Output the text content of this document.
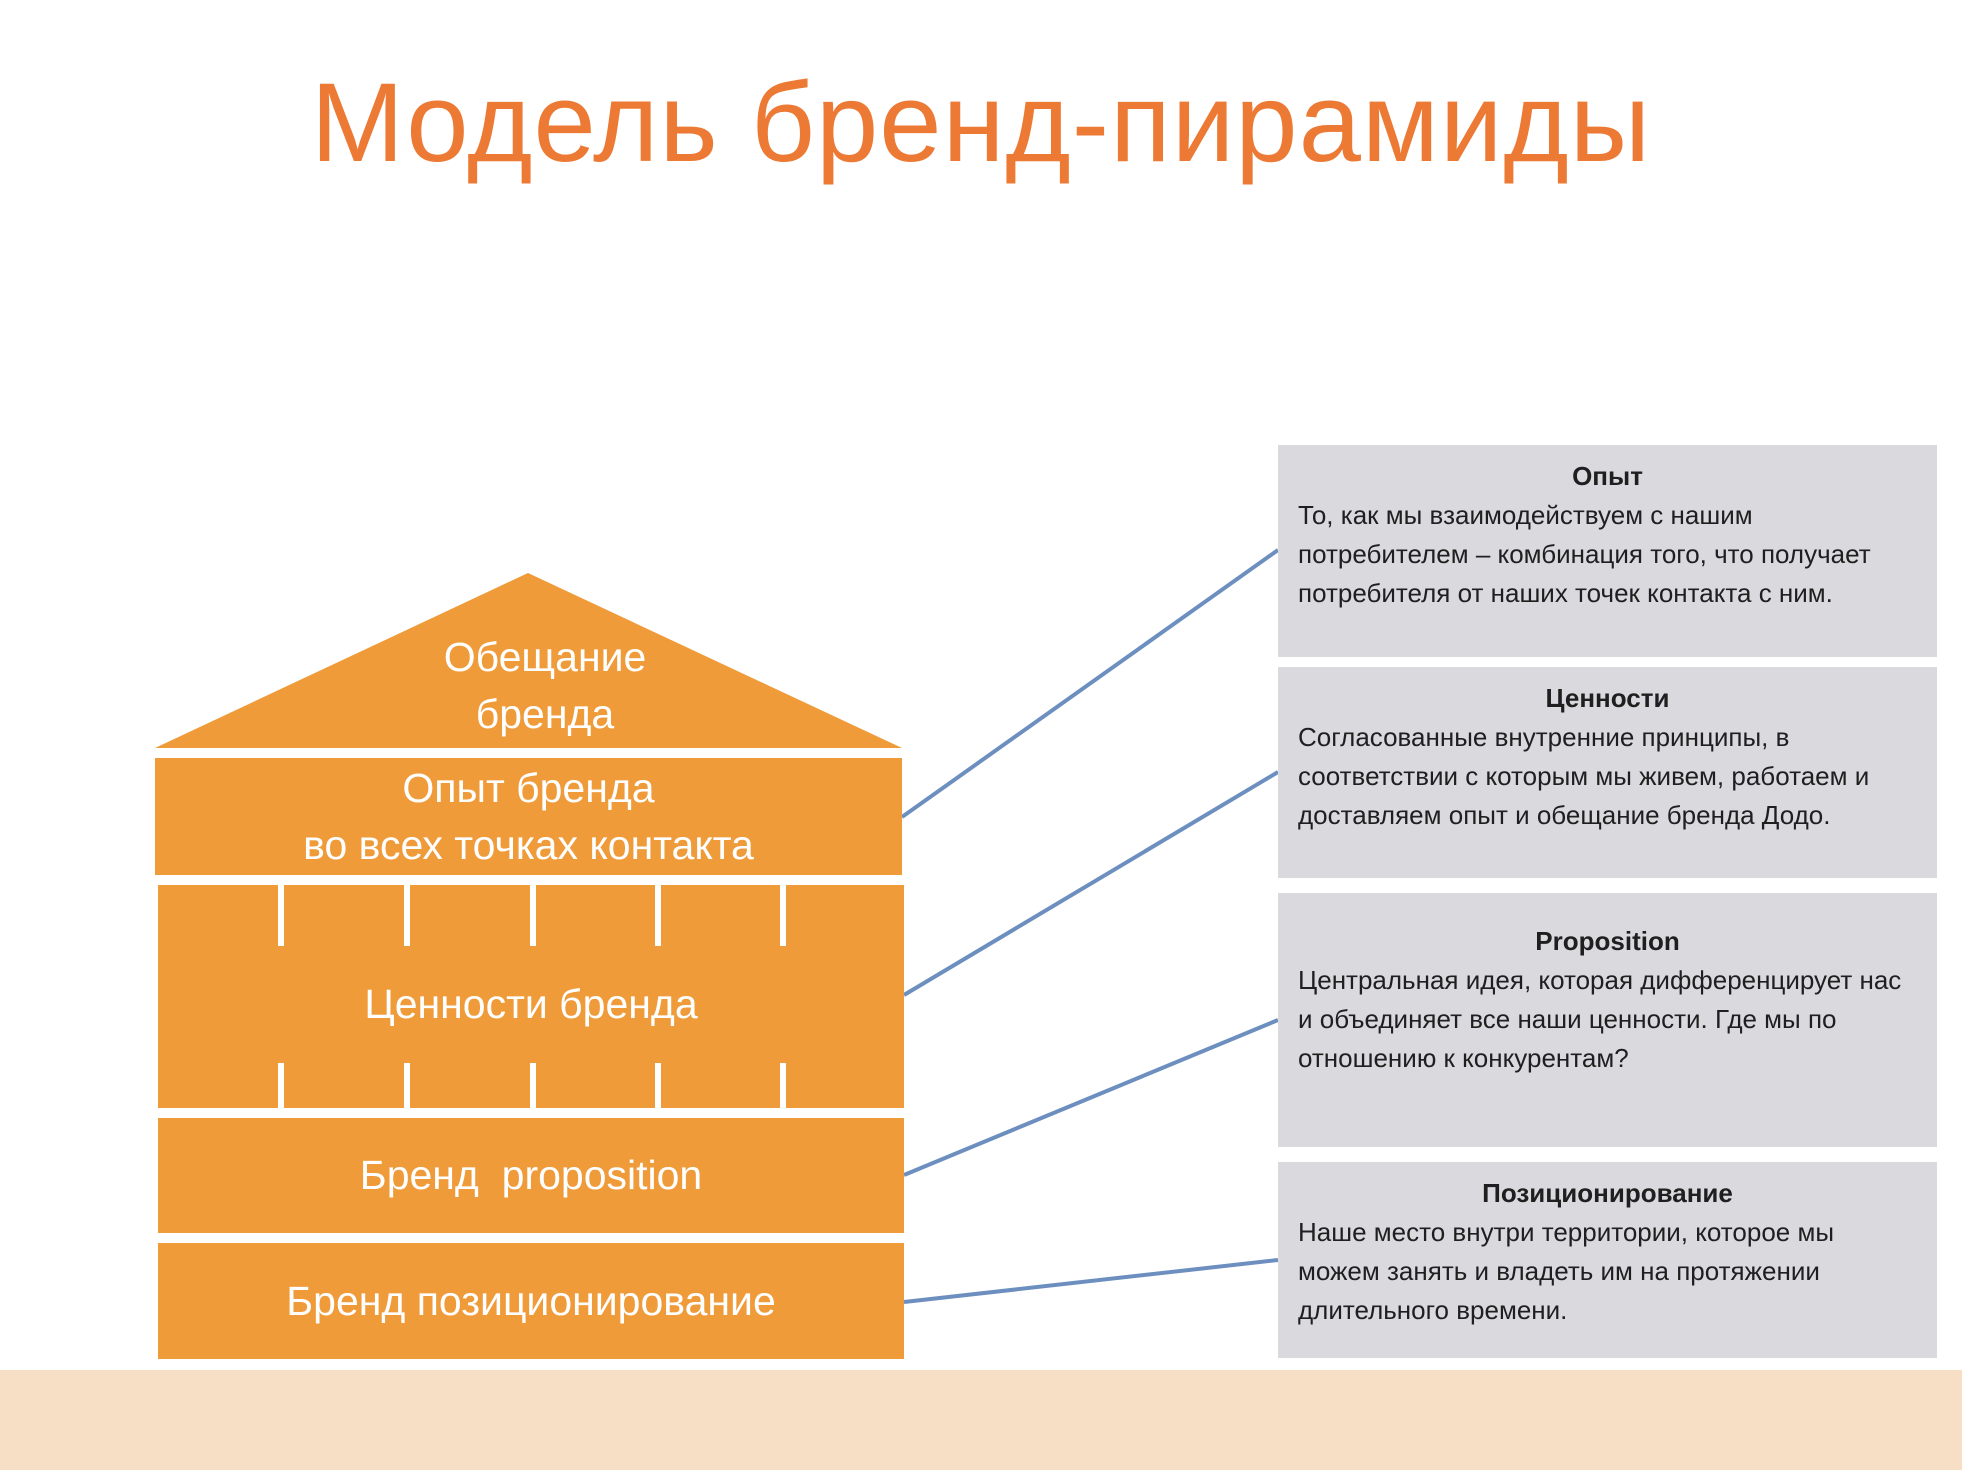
Модель бренд-пирамиды
Обещание
бренда
Опыт бренда
во всех точках контакта
Ценности бренда
Бренд  proposition
Бренд позиционирование
Опыт
То, как мы взаимодействуем с нашим потребителем – комбинация того, что получает потребителя от наших точек контакта с ним.
Ценности
Согласованные внутренние принципы, в соответствии с которым мы живем, работаем и доставляем опыт и обещание бренда Додо.
Proposition
Центральная идея, которая дифференцирует нас и объединяет все наши ценности. Где мы по отношению к конкурентам?
Позиционирование
Наше место внутри территории, которое мы можем занять и владеть им на протяжении длительного времени.
